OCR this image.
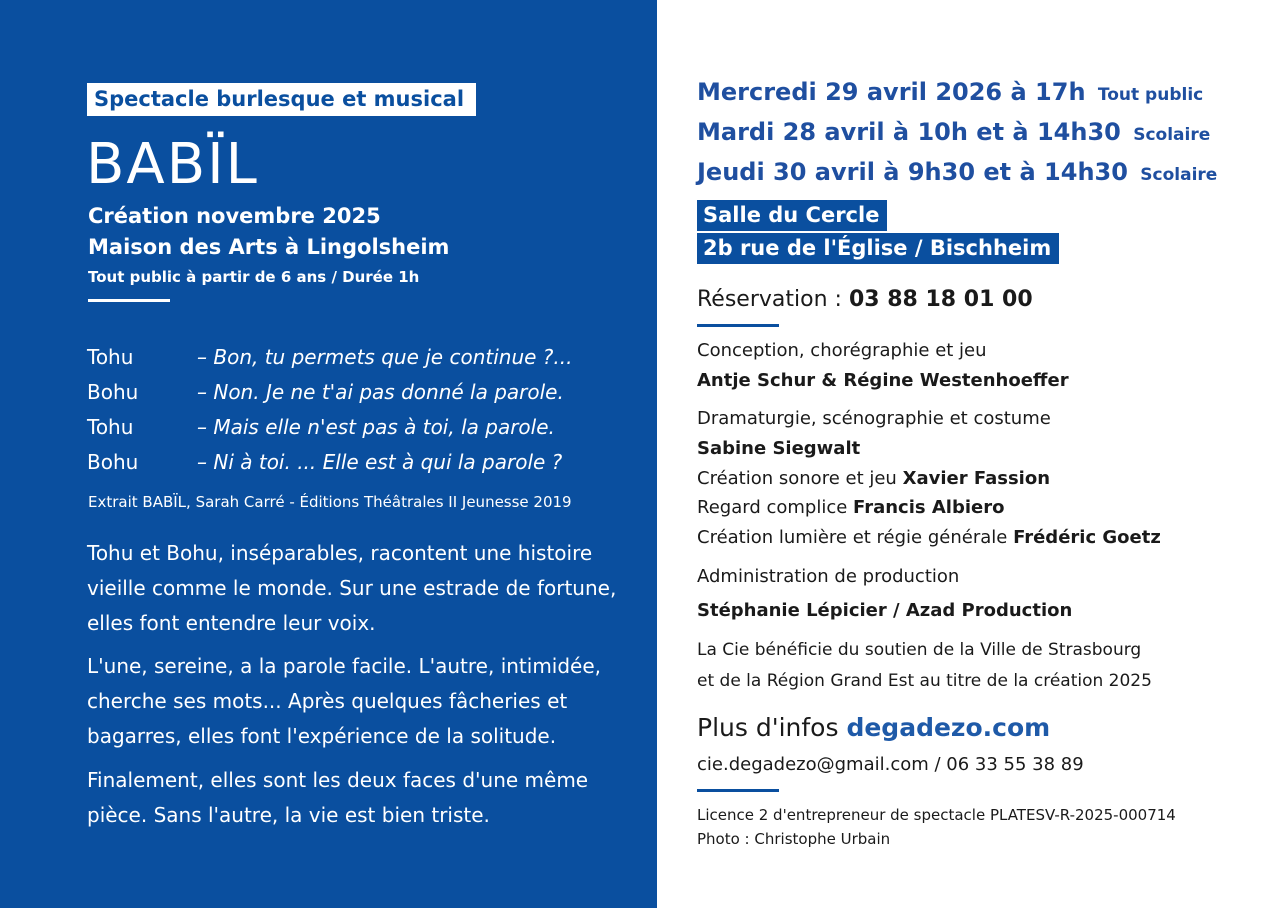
Spectacle burlesque et musical
BABÏL
Création novembre 2025
Maison des Arts à Lingolsheim
Tout public à partir de 6 ans / Durée 1h
Tohu	– Bon, tu permets que je continue ?...
Bohu	– Non. Je ne t'ai pas donné la parole.
Tohu	– Mais elle n'est pas à toi, la parole.
Bohu	– Ni à toi. ... Elle est à qui la parole ?
Extrait BABÏL, Sarah Carré - Éditions Théâtrales II Jeunesse 2019
Tohu et Bohu, inséparables, racontent une histoire vieille comme le monde. Sur une estrade de fortune, elles font entendre leur voix.
L'une, sereine, a la parole facile. L'autre, intimidée, cherche ses mots... Après quelques fâcheries et bagarres, elles font l'expérience de la solitude.
Finalement, elles sont les deux faces d'une même pièce. Sans l'autre, la vie est bien triste.
Mercredi 29 avril 2026 à 17h Tout public
Mardi 28 avril à 10h et à 14h30 Scolaire
Jeudi 30 avril à 9h30 et à 14h30 Scolaire
Salle du Cercle
2b rue de l'Église / Bischheim
Réservation : 03 88 18 01 00
Conception, chorégraphie et jeu
Antje Schur & Régine Westenhoeffer
Dramaturgie, scénographie et costume
Sabine Siegwalt
Création sonore et jeu Xavier Fassion
Regard complice Francis Albiero
Création lumière et régie générale Frédéric Goetz
Administration de production
Stéphanie Lépicier / Azad Production
La Cie bénéficie du soutien de la Ville de Strasbourg
et de la Région Grand Est au titre de la création 2025
Plus d'infos degadezo.com
cie.degadezo@gmail.com / 06 33 55 38 89
Licence 2 d'entrepreneur de spectacle PLATESV-R-2025-000714
Photo : Christophe Urbain
